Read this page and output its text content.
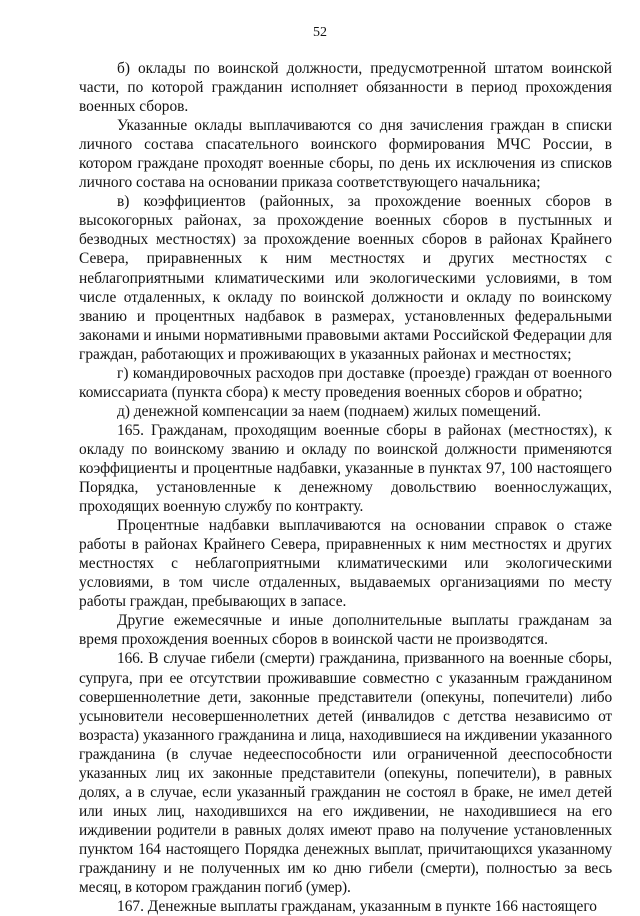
52

б) оклады по воинской должности, предусмотренной штатом воинской части, по которой гражданин исполняет обязанности в период прохождения военных сборов.

Указанные оклады выплачиваются со дня зачисления граждан в списки личного состава спасательного воинского формирования МЧС России, в котором граждане проходят военные сборы, по день их исключения из списков личного состава на основании приказа соответствующего начальника;

в) коэффициентов (районных, за прохождение военных сборов в высокогорных районах, за прохождение военных сборов в пустынных и безводных местностях) за прохождение военных сборов в районах Крайнего Севера, приравненных к ним местностях и других местностях с неблагоприятными климатическими или экологическими условиями, в том числе отдаленных, к окладу по воинской должности и окладу по воинскому званию и процентных надбавок в размерах, установленных федеральными законами и иными нормативными правовыми актами Российской Федерации для граждан, работающих и проживающих в указанных районах и местностях;

г) командировочных расходов при доставке (проезде) граждан от военного комиссариата (пункта сбора) к месту проведения военных сборов и обратно;

д) денежной компенсации за наем (поднаем) жилых помещений.

165. Гражданам, проходящим военные сборы в районах (местностях), к окладу по воинскому званию и окладу по воинской должности применяются коэффициенты и процентные надбавки, указанные в пунктах 97, 100 настоящего Порядка, установленные к денежному довольствию военнослужащих, проходящих военную службу по контракту.

Процентные надбавки выплачиваются на основании справок о стаже работы в районах Крайнего Севера, приравненных к ним местностях и других местностях с неблагоприятными климатическими или экологическими условиями, в том числе отдаленных, выдаваемых организациями по месту работы граждан, пребывающих в запасе.

Другие ежемесячные и иные дополнительные выплаты гражданам за время прохождения военных сборов в воинской части не производятся.

166. В случае гибели (смерти) гражданина, призванного на военные сборы, супруга, при ее отсутствии проживавшие совместно с указанным гражданином совершеннолетние дети, законные представители (опекуны, попечители) либо усыновители несовершеннолетних детей (инвалидов с детства независимо от возраста) указанного гражданина и лица, находившиеся на иждивении указанного гражданина (в случае недееспособности или ограниченной дееспособности указанных лиц их законные представители (опекуны, попечители), в равных долях, а в случае, если указанный гражданин не состоял в браке, не имел детей или иных лиц, находившихся на его иждивении, не находившиеся на его иждивении родители в равных долях имеют право на получение установленных пунктом 164 настоящего Порядка денежных выплат, причитающихся указанному гражданину и не полученных им ко дню гибели (смерти), полностью за весь месяц, в котором гражданин погиб (умер).

167. Денежные выплаты гражданам, указанным в пункте 166 настоящего
